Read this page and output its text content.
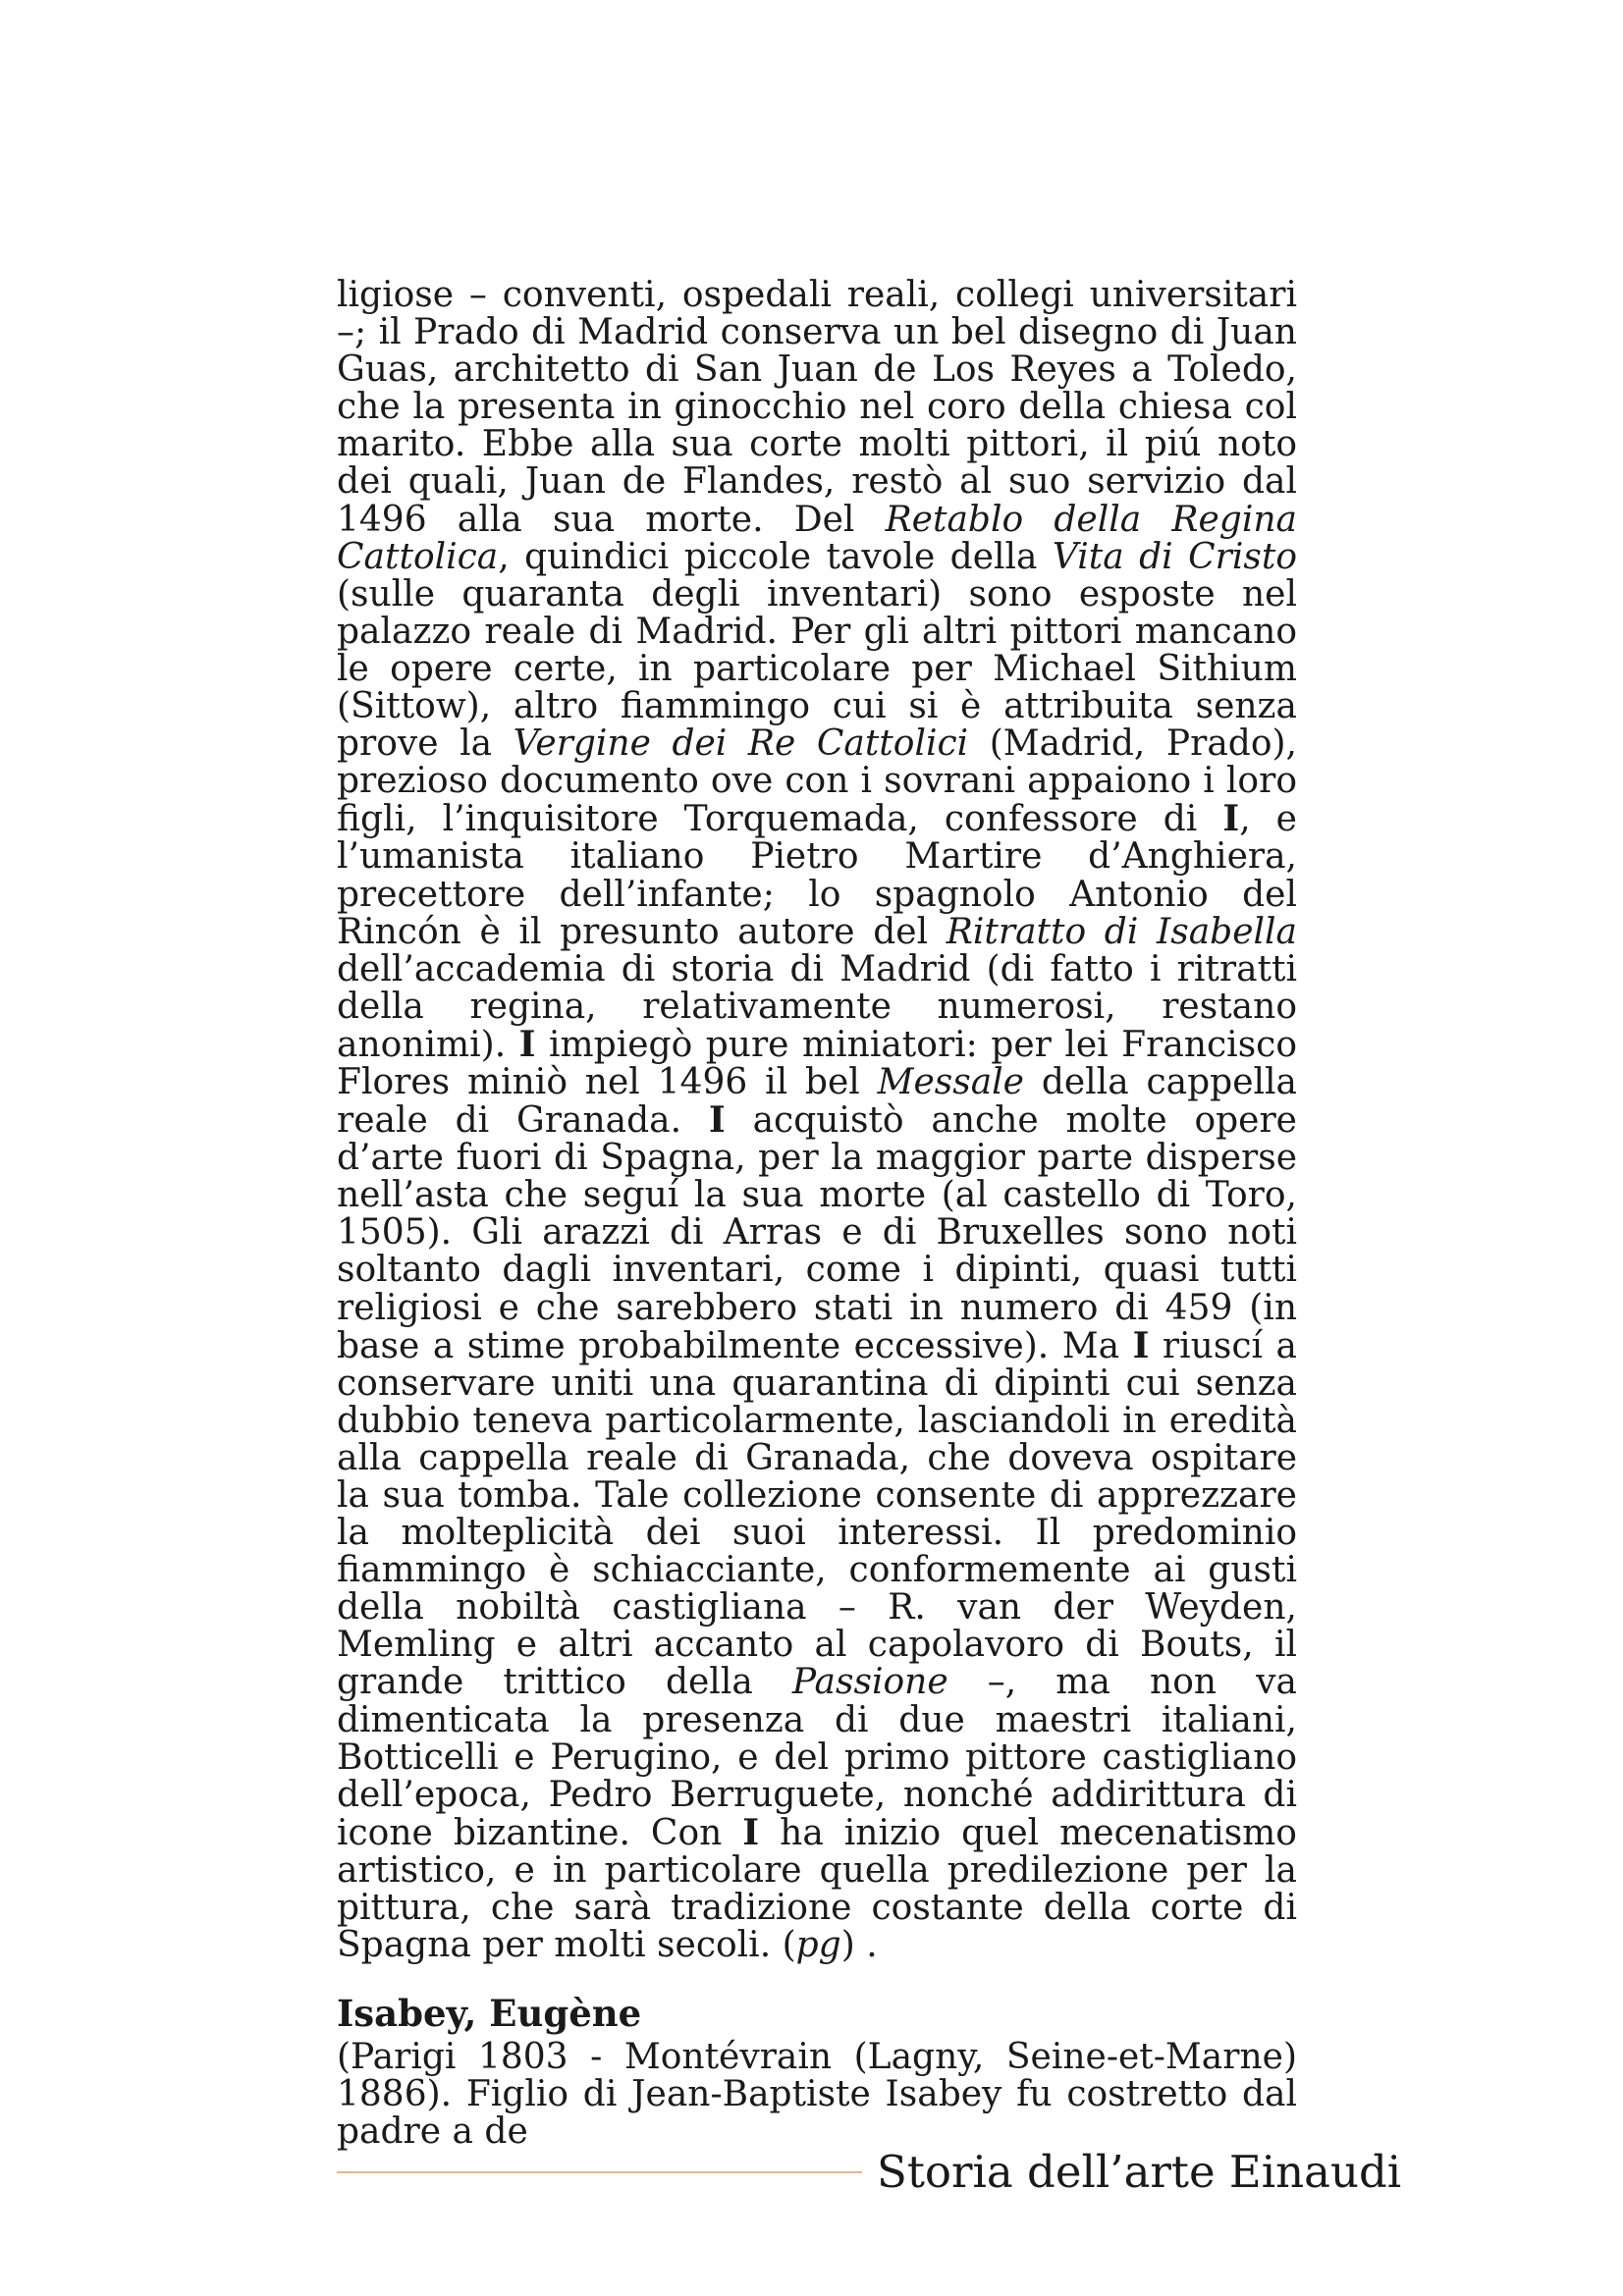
ligiose – conventi, ospedali reali, collegi universitari –; il Prado di Madrid conserva un bel disegno di Juan Guas, architetto di San Juan de Los Reyes a Toledo, che la presenta in ginocchio nel coro della chiesa col marito. Ebbe alla sua corte molti pittori, il piú noto dei quali, Juan de Flandes, restò al suo servizio dal 1496 alla sua morte. Del Retablo della Regina Cattolica, quindici piccole tavole della Vita di Cristo (sulle quaranta degli inventari) sono esposte nel palazzo reale di Madrid. Per gli altri pittori mancano le opere certe, in particolare per Michael Sithium (Sittow), altro fiammingo cui si è attribuita senza prove la Vergine dei Re Cattolici (Madrid, Prado), prezioso documento ove con i sovrani appaiono i loro figli, l’inquisitore Torquemada, confessore di I, e l’umanista italiano Pietro Martire d’Anghiera, precettore dell’infante; lo spagnolo Antonio del Rincón è il presunto autore del Ritratto di Isabella dell’accademia di storia di Madrid (di fatto i ritratti della regina, relativamente numerosi, restano anonimi). I impiegò pure miniatori: per lei Francisco Flores miniò nel 1496 il bel Messale della cappella reale di Granada. I acquistò anche molte opere d’arte fuori di Spagna, per la maggior parte disperse nell’asta che seguí la sua morte (al castello di Toro, 1505). Gli arazzi di Arras e di Bruxelles sono noti soltanto dagli inventari, come i dipinti, quasi tutti religiosi e che sarebbero stati in numero di 459 (in base a stime probabilmente eccessive). Ma I riuscí a conservare uniti una quarantina di dipinti cui senza dubbio teneva particolarmente, lasciandoli in eredità alla cappella reale di Granada, che doveva ospitare la sua tomba. Tale collezione consente di apprezzare la molteplicità dei suoi interessi. Il predominio fiammingo è schiacciante, conformemente ai gusti della nobiltà castigliana – R. van der Weyden, Memling e altri accanto al capolavoro di Bouts, il grande trittico della Passione –, ma non va dimenticata la presenza di due maestri italiani, Botticelli e Perugino, e del primo pittore castigliano dell’epoca, Pedro Berruguete, nonché addirittura di icone bizantine. Con I ha inizio quel mecenatismo artistico, e in particolare quella predilezione per la pittura, che sarà tradizione costante della corte di Spagna per molti secoli. (pg) .

Isabey, Eugène

(Parigi 1803 - Montévrain (Lagny, Seine-et-Marne) 1886). Figlio di Jean-Baptiste Isabey fu costretto dal padre a de

Storia dell’arte Einaudi
